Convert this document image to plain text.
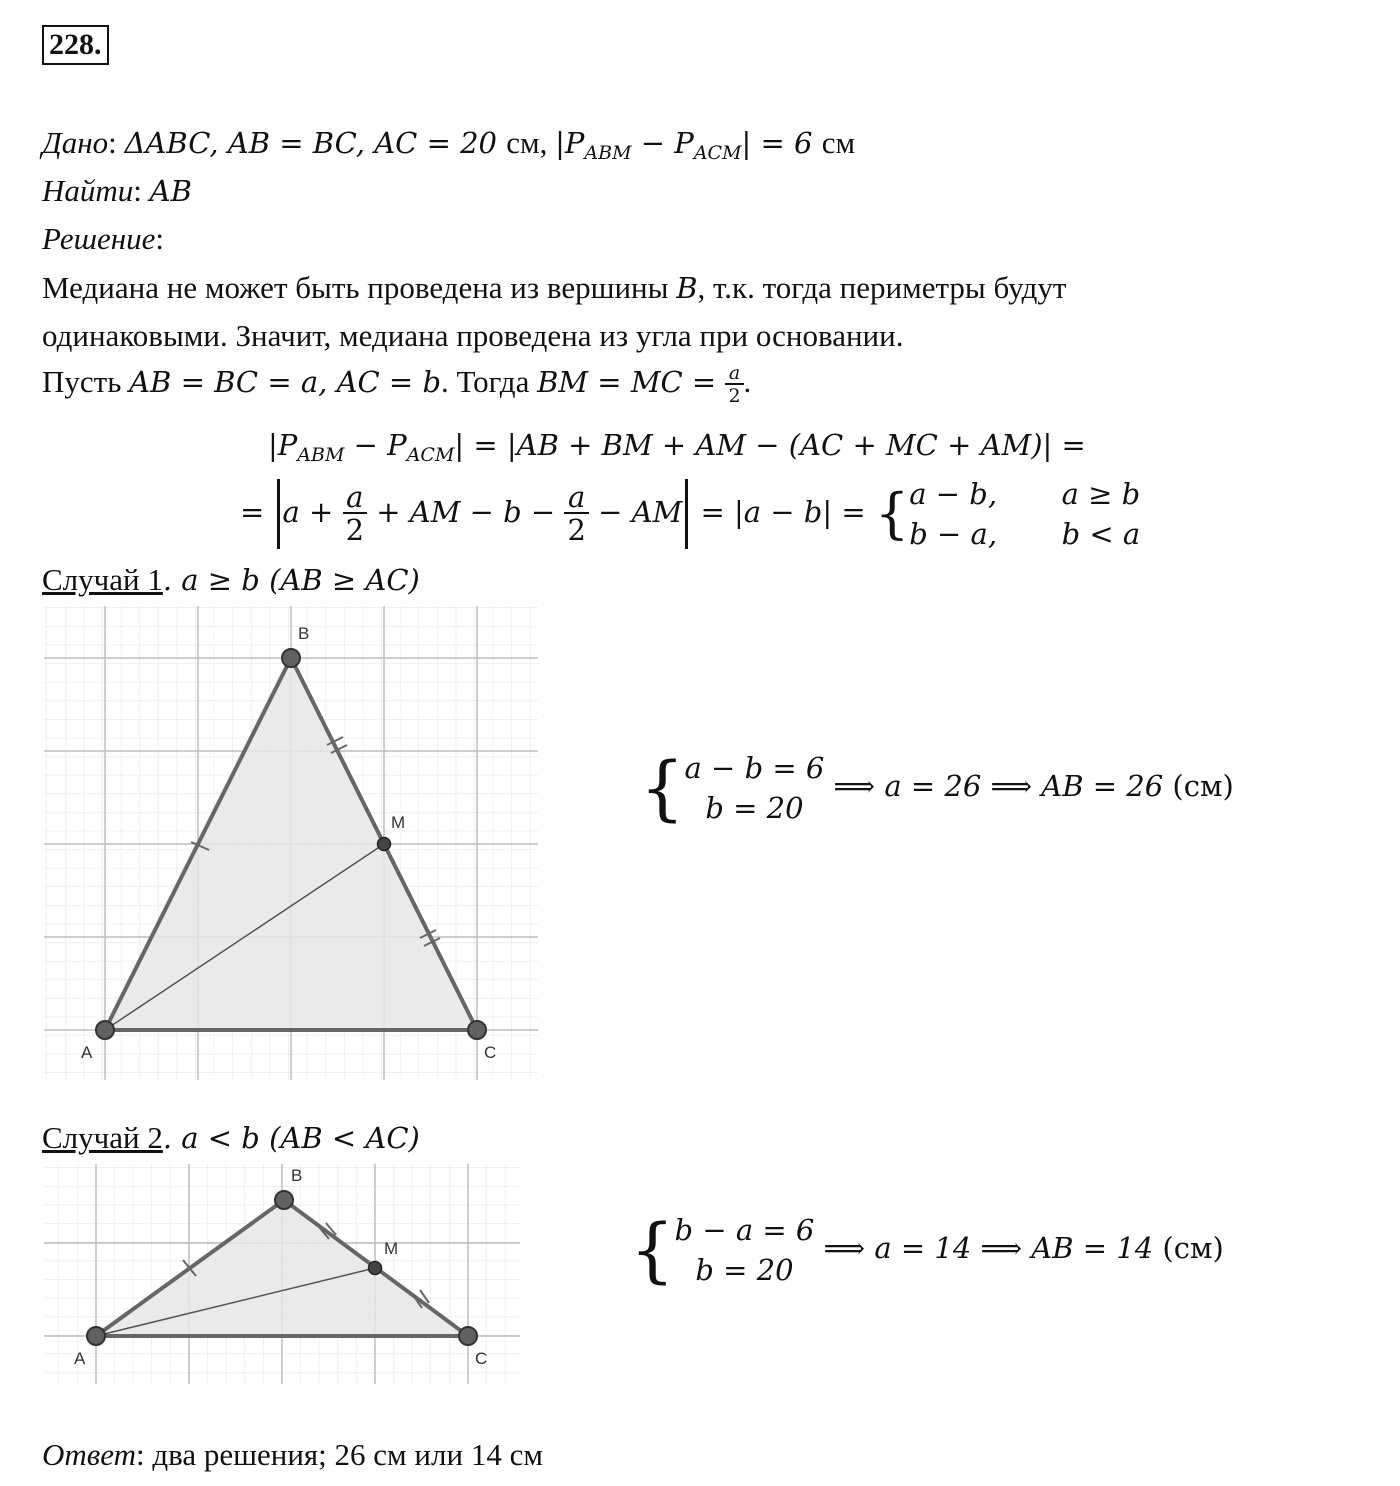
228.
Дано: ΔABC, AB = BC, AC = 20 см, $|P_{ABM} - P_{ACM}| = 6$ см
Найти: AB
Решение:
Медиана не может быть проведена из вершины B, т.к. тогда периметры будут
одинаковыми. Значит, медиана проведена из угла при основании.
Пусть AB = BC = a, AC = b. Тогда BM = MC = $\frac{a}{2}$ .
$|P_{ABM} - P_{ACM}| = |AB$ + BM + AM − (AC + MC + AM)| =
= $a + \frac{a}{2}$ + AM − $b - \frac{a}{2}$ − AM = |a − b| = { a − b,       a ≥ b
b − a,       b < a
Случай 1. a ≥ b (AB ≥ AC)
A
B
C
M	{ a − b = 6
b = 20
⟹ a = 26 ⟹ AB = 26 (см)
Случай 2. a < b (AB < AC)
A
B
C
M	{ b − a = 6
b = 20
⟹ a = 14 ⟹ AB = 14 (см)
Ответ: два решения; 26 см или 14 см
